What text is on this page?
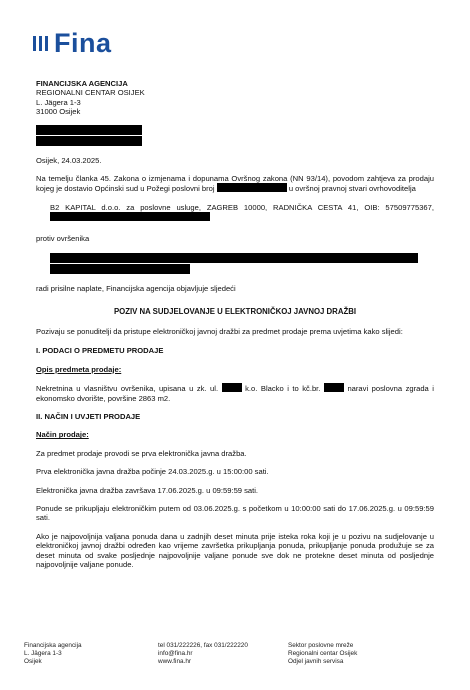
Fina
FINANCIJSKA AGENCIJA
REGIONALNI CENTAR OSIJEK
L. Jägera 1-3
31000 Osijek

Osijek, 24.03.2025.

Na temelju članka 45. Zakona o izmjenama i dopunama Ovršnog zakona (NN 93/14), povodom zahtjeva za prodaju kojeg je dostavio Općinski sud u Požegi poslovni broj	u ovršnoj pravnoj stvari ovrhovoditelja

B2 KAPITAL d.o.o. za poslovne usluge, ZAGREB 10000, RADNIČKA CESTA 41, OIB: 57509775367,

protiv ovršenika

radi prisilne naplate, Financijska agencija objavljuje sljedeći

POZIV NA SUDJELOVANJE U ELEKTRONIČKOJ JAVNOJ DRAŽBI

Pozivaju se ponuditelji da pristupe elektroničkoj javnoj dražbi za predmet prodaje prema uvjetima kako slijedi:

I. PODACI O PREDMETU PRODAJE

Opis predmeta prodaje:

Nekretnina u vlasništvu ovršenika, upisana u zk. ul.	k.o. Blacko i to kč.br.	naravi poslovna zgrada i ekonomsko dvorište, površine 2863 m2.

II. NAČIN I UVJETI PRODAJE

Način prodaje:

Za predmet prodaje provodi se prva elektronička javna dražba.

Prva elektronička javna dražba počinje 24.03.2025.g. u 15:00:00 sati.

Elektronička javna dražba završava 17.06.2025.g. u 09:59:59 sati.

Ponude se prikupljaju elektroničkim putem od 03.06.2025.g. s početkom u 10:00:00 sati do 17.06.2025.g. u 09:59:59 sati.

Ako je najpovoljnija valjana ponuda dana u zadnjih deset minuta prije isteka roka koji je u pozivu na sudjelovanje u elektroničkoj javnoj dražbi određen kao vrijeme završetka prikupljanja ponuda, prikupljanje ponuda produžuje se za deset minuta od svake posljednje najpovoljnije valjane ponude sve dok ne protekne deset minuta od posljednje najpovoljnije valjane ponude.

Financijska agencija
L. Jägera 1-3
Osijek
tel 031/222226, fax 031/222220
info@fina.hr
www.fina.hr
Sektor poslovne mreže
Regionalni centar Osijek
Odjel javnih servisa
